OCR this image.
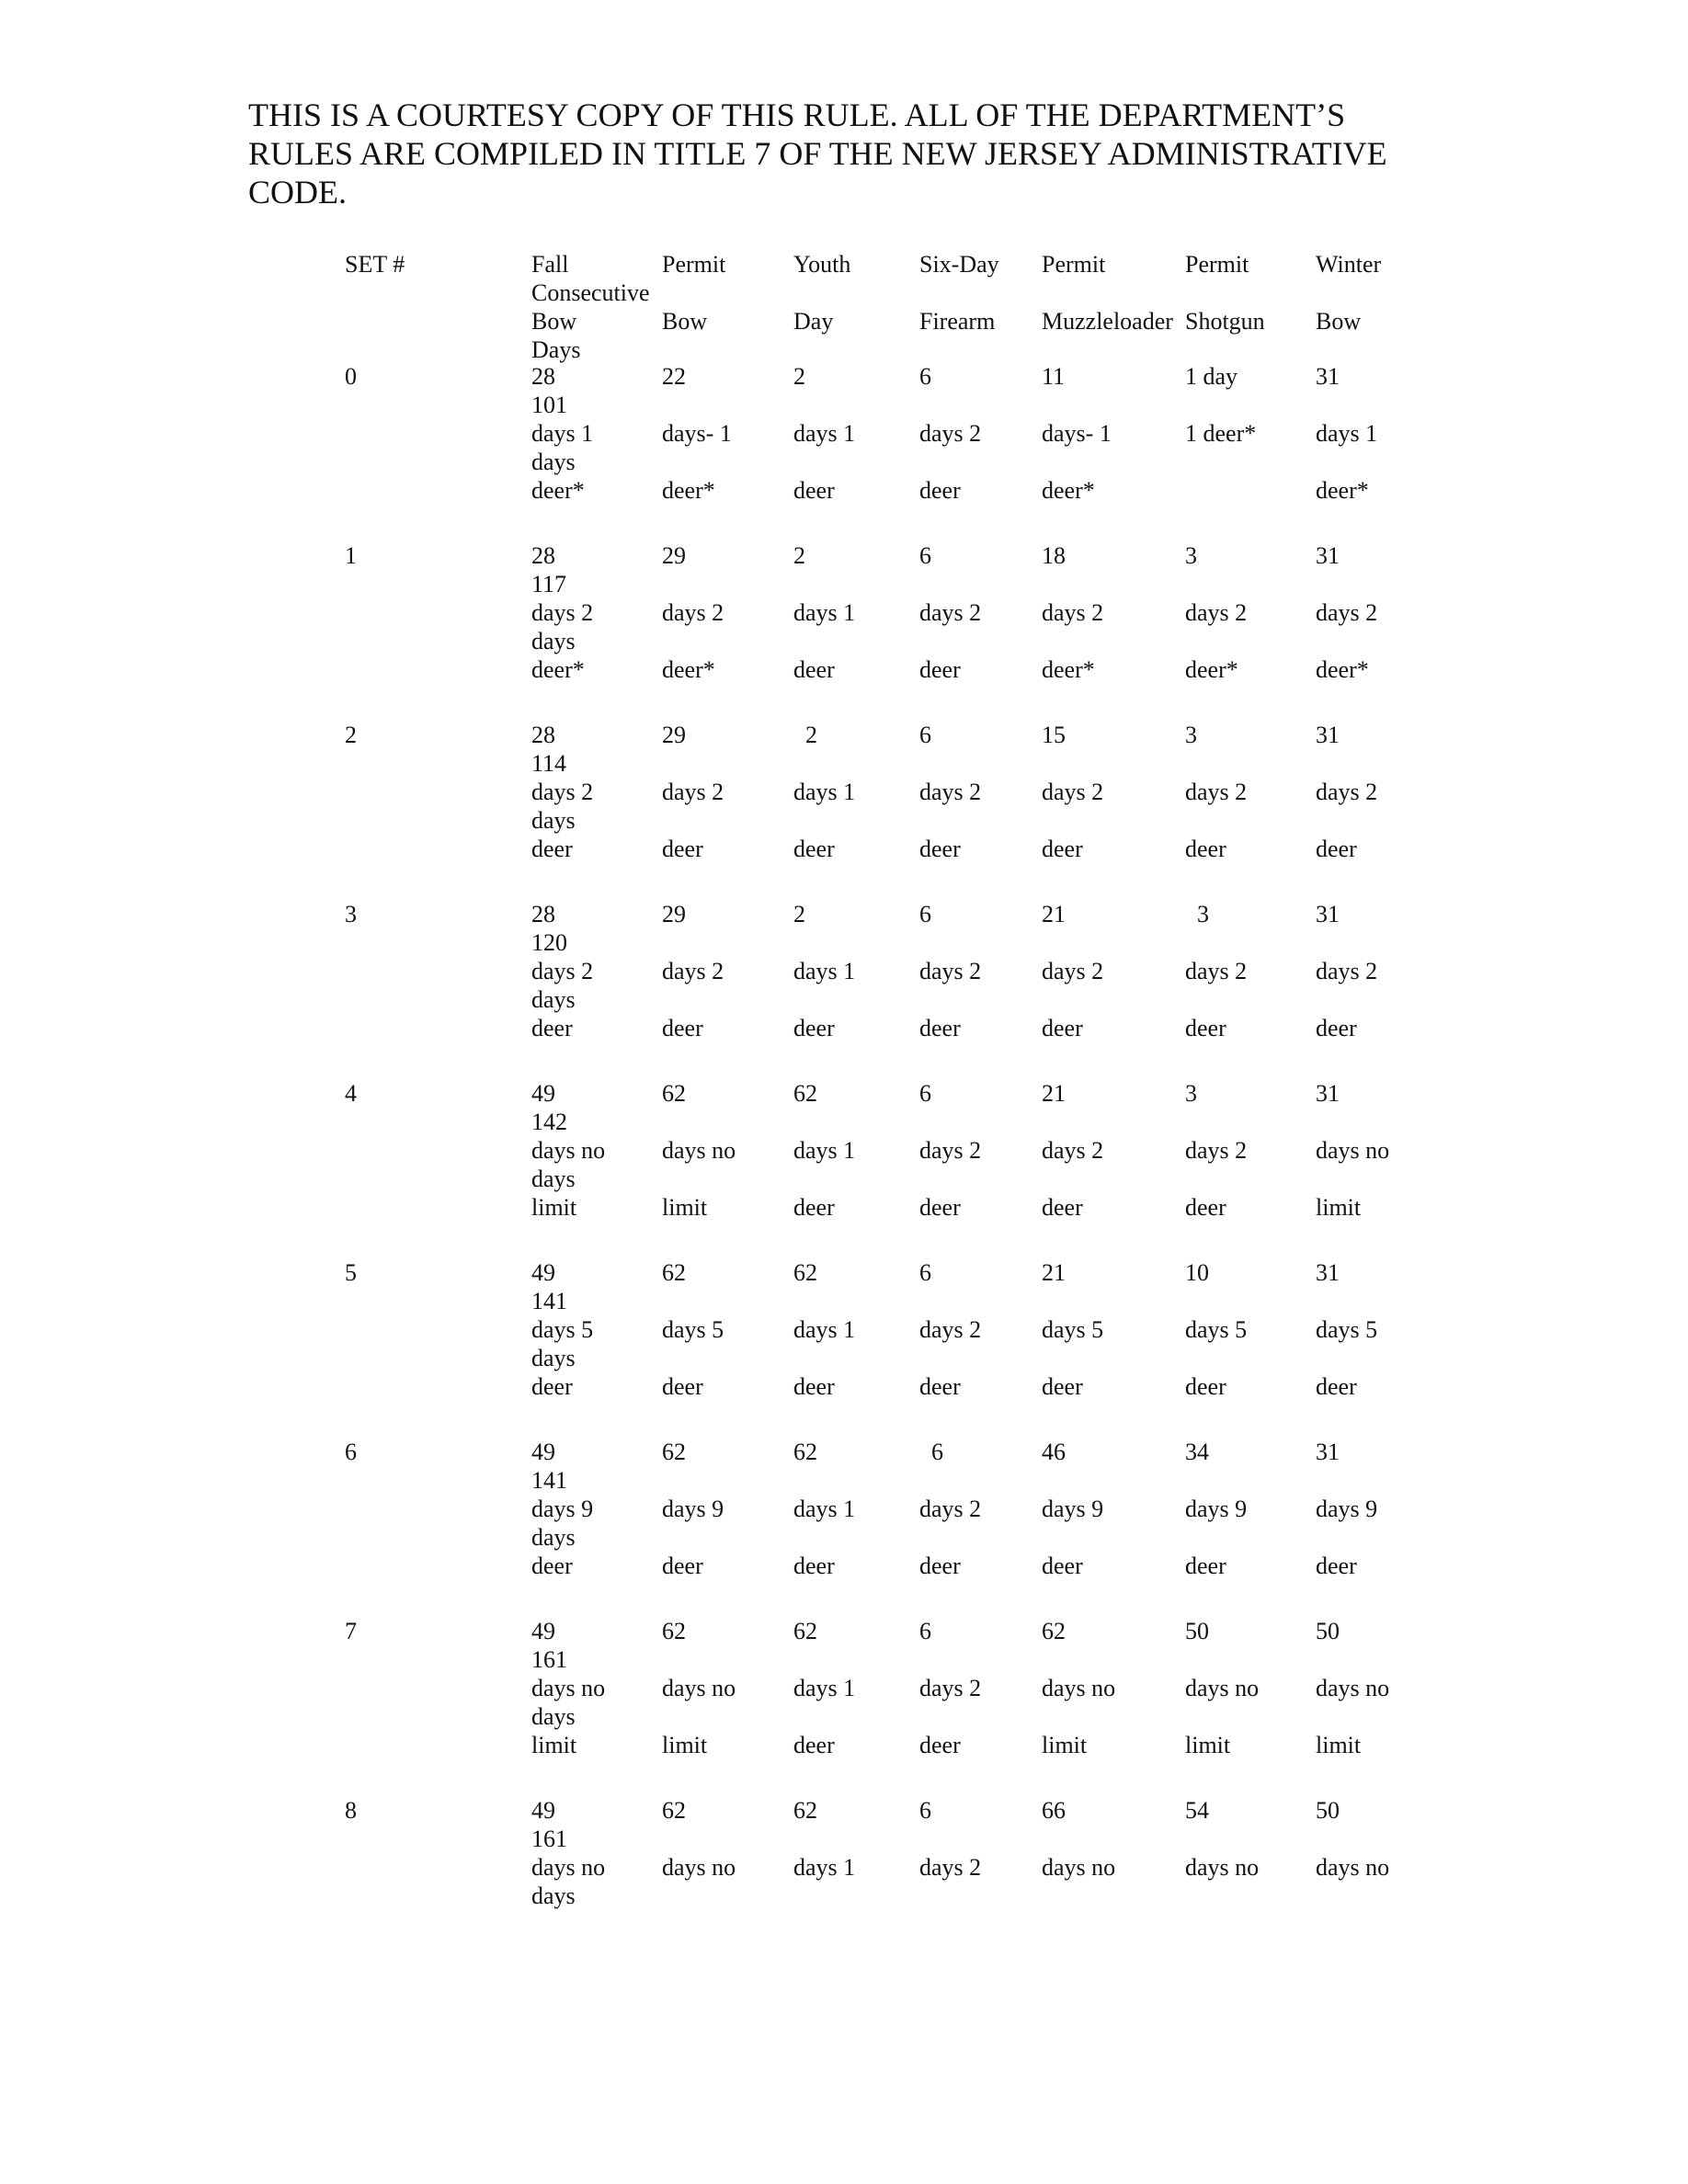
THIS IS A COURTESY COPY OF THIS RULE. ALL OF THE DEPARTMENT’S
RULES ARE COMPILED IN TITLE 7 OF THE NEW JERSEY ADMINISTRATIVE
CODE.

SET #	Fall
Consecutive
Bow
Days
Permit
Bow
Youth
Day
Six-Day
Firearm
Permit
Muzzleloader
Permit
Shotgun
Winter
Bow
0
101
28
days 1
deer*
22
days- 1
deer*
2
days 1
deer
6
days 2
deer
11
days- 1
deer*
1 day
1 deer*
31
days 1
deer*
days
1
117
28
days 2
deer*
29
days 2
deer*
2
days 1
deer
6
days 2
deer
18
days 2
deer*
3
days 2
deer*
31
days 2
deer*
days
2
114
28
days 2
deer
29
days 2
deer
2
days 1
deer
6
days 2
deer
15
days 2
deer
3
days 2
deer
31
days 2
deer
days
3
120
28
days 2
deer
29
days 2
deer
2
days 1
deer
6
days 2
deer
21
days 2
deer
3
days 2
deer
31
days 2
deer
days
4
142
49
days no
limit
62
days no
limit
62
days 1
deer
6
days 2
deer
21
days 2
deer
3
days 2
deer
31
days no
limit
days
5
141
49
days 5
deer
62
days 5
deer
62
days 1
deer
6
days 2
deer
21
days 5
deer
10
days 5
deer
31
days 5
deer
days
6
141
49
days 9
deer
62
days 9
deer
62
days 1
deer
6
days 2
deer
46
days 9
deer
34
days 9
deer
31
days 9
deer
days
7
161
49
days no
limit
62
days no
limit
62
days 1
deer
6
days 2
deer
62
days no
limit
50
days no
limit
50
days no
limit
days
8
161
49
days no
62
days no
62
days 1
6
days 2
66
days no
54
days no
50
days no
days
